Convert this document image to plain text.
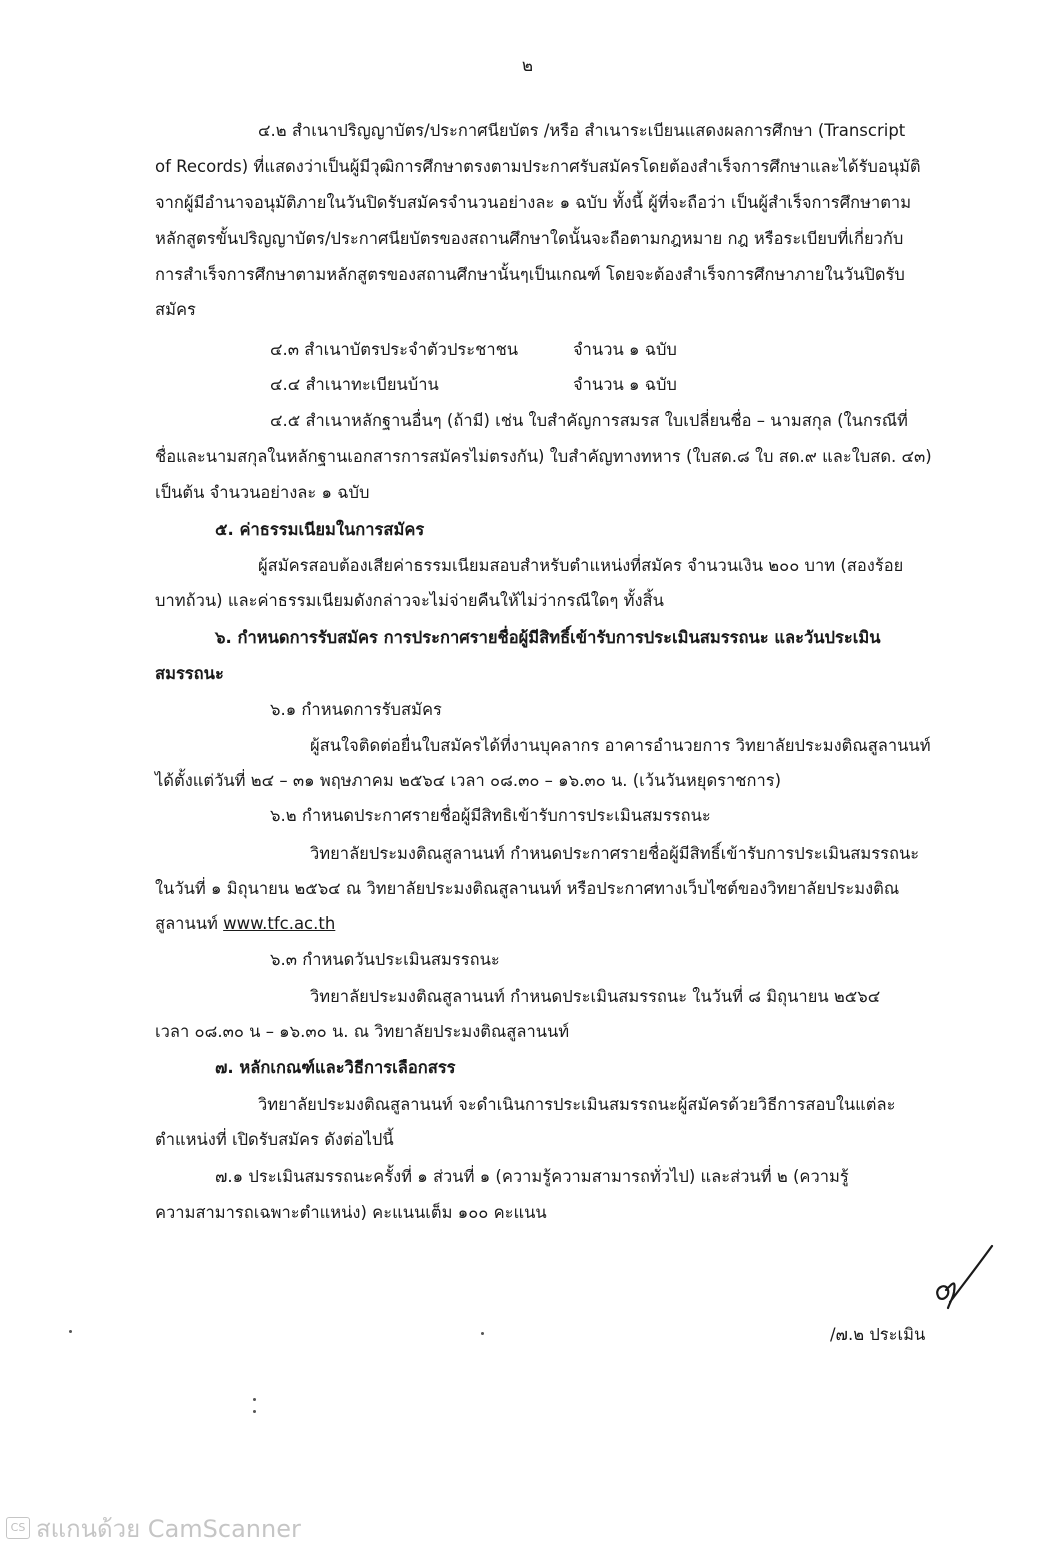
๒
๔.๒ สำเนาปริญญาบัตร/ประกาศนียบัตร /หรือ สำเนาระเบียนแสดงผลการศึกษา (Transcript
of Records) ที่แสดงว่าเป็นผู้มีวุฒิการศึกษาตรงตามประกาศรับสมัครโดยต้องสำเร็จการศึกษาและได้รับอนุมัติ
จากผู้มีอำนาจอนุมัติภายในวันปิดรับสมัครจำนวนอย่างละ ๑ ฉบับ ทั้งนี้ ผู้ที่จะถือว่า เป็นผู้สำเร็จการศึกษาตาม
หลักสูตรขั้นปริญญาบัตร/ประกาศนียบัตรของสถานศึกษาใดนั้นจะถือตามกฎหมาย กฎ หรือระเบียบที่เกี่ยวกับ
การสำเร็จการศึกษาตามหลักสูตรของสถานศึกษานั้นๆเป็นเกณฑ์ โดยจะต้องสำเร็จการศึกษาภายในวันปิดรับ
สมัคร
๔.๓ สำเนาบัตรประจำตัวประชาชน	จำนวน ๑ ฉบับ
๔.๔ สำเนาทะเบียนบ้าน	จำนวน ๑ ฉบับ
๔.๕ สำเนาหลักฐานอื่นๆ (ถ้ามี) เช่น ใบสำคัญการสมรส ใบเปลี่ยนชื่อ – นามสกุล (ในกรณีที่
ชื่อและนามสกุลในหลักฐานเอกสารการสมัครไม่ตรงกัน) ใบสำคัญทางทหาร (ใบสด.๘ ใบ สด.๙ และใบสด. ๔๓)
เป็นต้น จำนวนอย่างละ ๑ ฉบับ
๕. ค่าธรรมเนียมในการสมัคร
ผู้สมัครสอบต้องเสียค่าธรรมเนียมสอบสำหรับตำแหน่งที่สมัคร จำนวนเงิน ๒๐๐ บาท (สองร้อย
บาทถ้วน) และค่าธรรมเนียมดังกล่าวจะไม่จ่ายคืนให้ไม่ว่ากรณีใดๆ ทั้งสิ้น
๖. กำหนดการรับสมัคร การประกาศรายชื่อผู้มีสิทธิ์เข้ารับการประเมินสมรรถนะ และวันประเมิน
สมรรถนะ
๖.๑ กำหนดการรับสมัคร
ผู้สนใจติดต่อยื่นใบสมัครได้ที่งานบุคลากร อาคารอำนวยการ วิทยาลัยประมงติณสูลานนท์
ได้ตั้งแต่วันที่ ๒๔ – ๓๑ พฤษภาคม ๒๕๖๔ เวลา ๐๘.๓๐ – ๑๖.๓๐ น. (เว้นวันหยุดราชการ)
๖.๒ กำหนดประกาศรายชื่อผู้มีสิทธิเข้ารับการประเมินสมรรถนะ
วิทยาลัยประมงติณสูลานนท์ กำหนดประกาศรายชื่อผู้มีสิทธิ์เข้ารับการประเมินสมรรถนะ
ในวันที่ ๑ มิถุนายน ๒๕๖๔ ณ วิทยาลัยประมงติณสูลานนท์ หรือประกาศทางเว็บไซต์ของวิทยาลัยประมงติณ
สูลานนท์ www.tfc.ac.th
๖.๓ กำหนดวันประเมินสมรรถนะ
วิทยาลัยประมงติณสูลานนท์ กำหนดประเมินสมรรถนะ ในวันที่ ๘ มิถุนายน ๒๕๖๔
เวลา ๐๘.๓๐ น – ๑๖.๓๐ น. ณ วิทยาลัยประมงติณสูลานนท์
๗. หลักเกณฑ์และวิธีการเลือกสรร
วิทยาลัยประมงติณสูลานนท์ จะดำเนินการประเมินสมรรถนะผู้สมัครด้วยวิธีการสอบในแต่ละ
ตำแหน่งที่ เปิดรับสมัคร ดังต่อไปนี้
๗.๑ ประเมินสมรรถนะครั้งที่ ๑ ส่วนที่ ๑ (ความรู้ความสามารถทั่วไป) และส่วนที่ ๒ (ความรู้
ความสามารถเฉพาะตำแหน่ง) คะแนนเต็ม ๑๐๐ คะแนน
/๗.๒ ประเมิน
CS สแกนด้วย CamScanner
